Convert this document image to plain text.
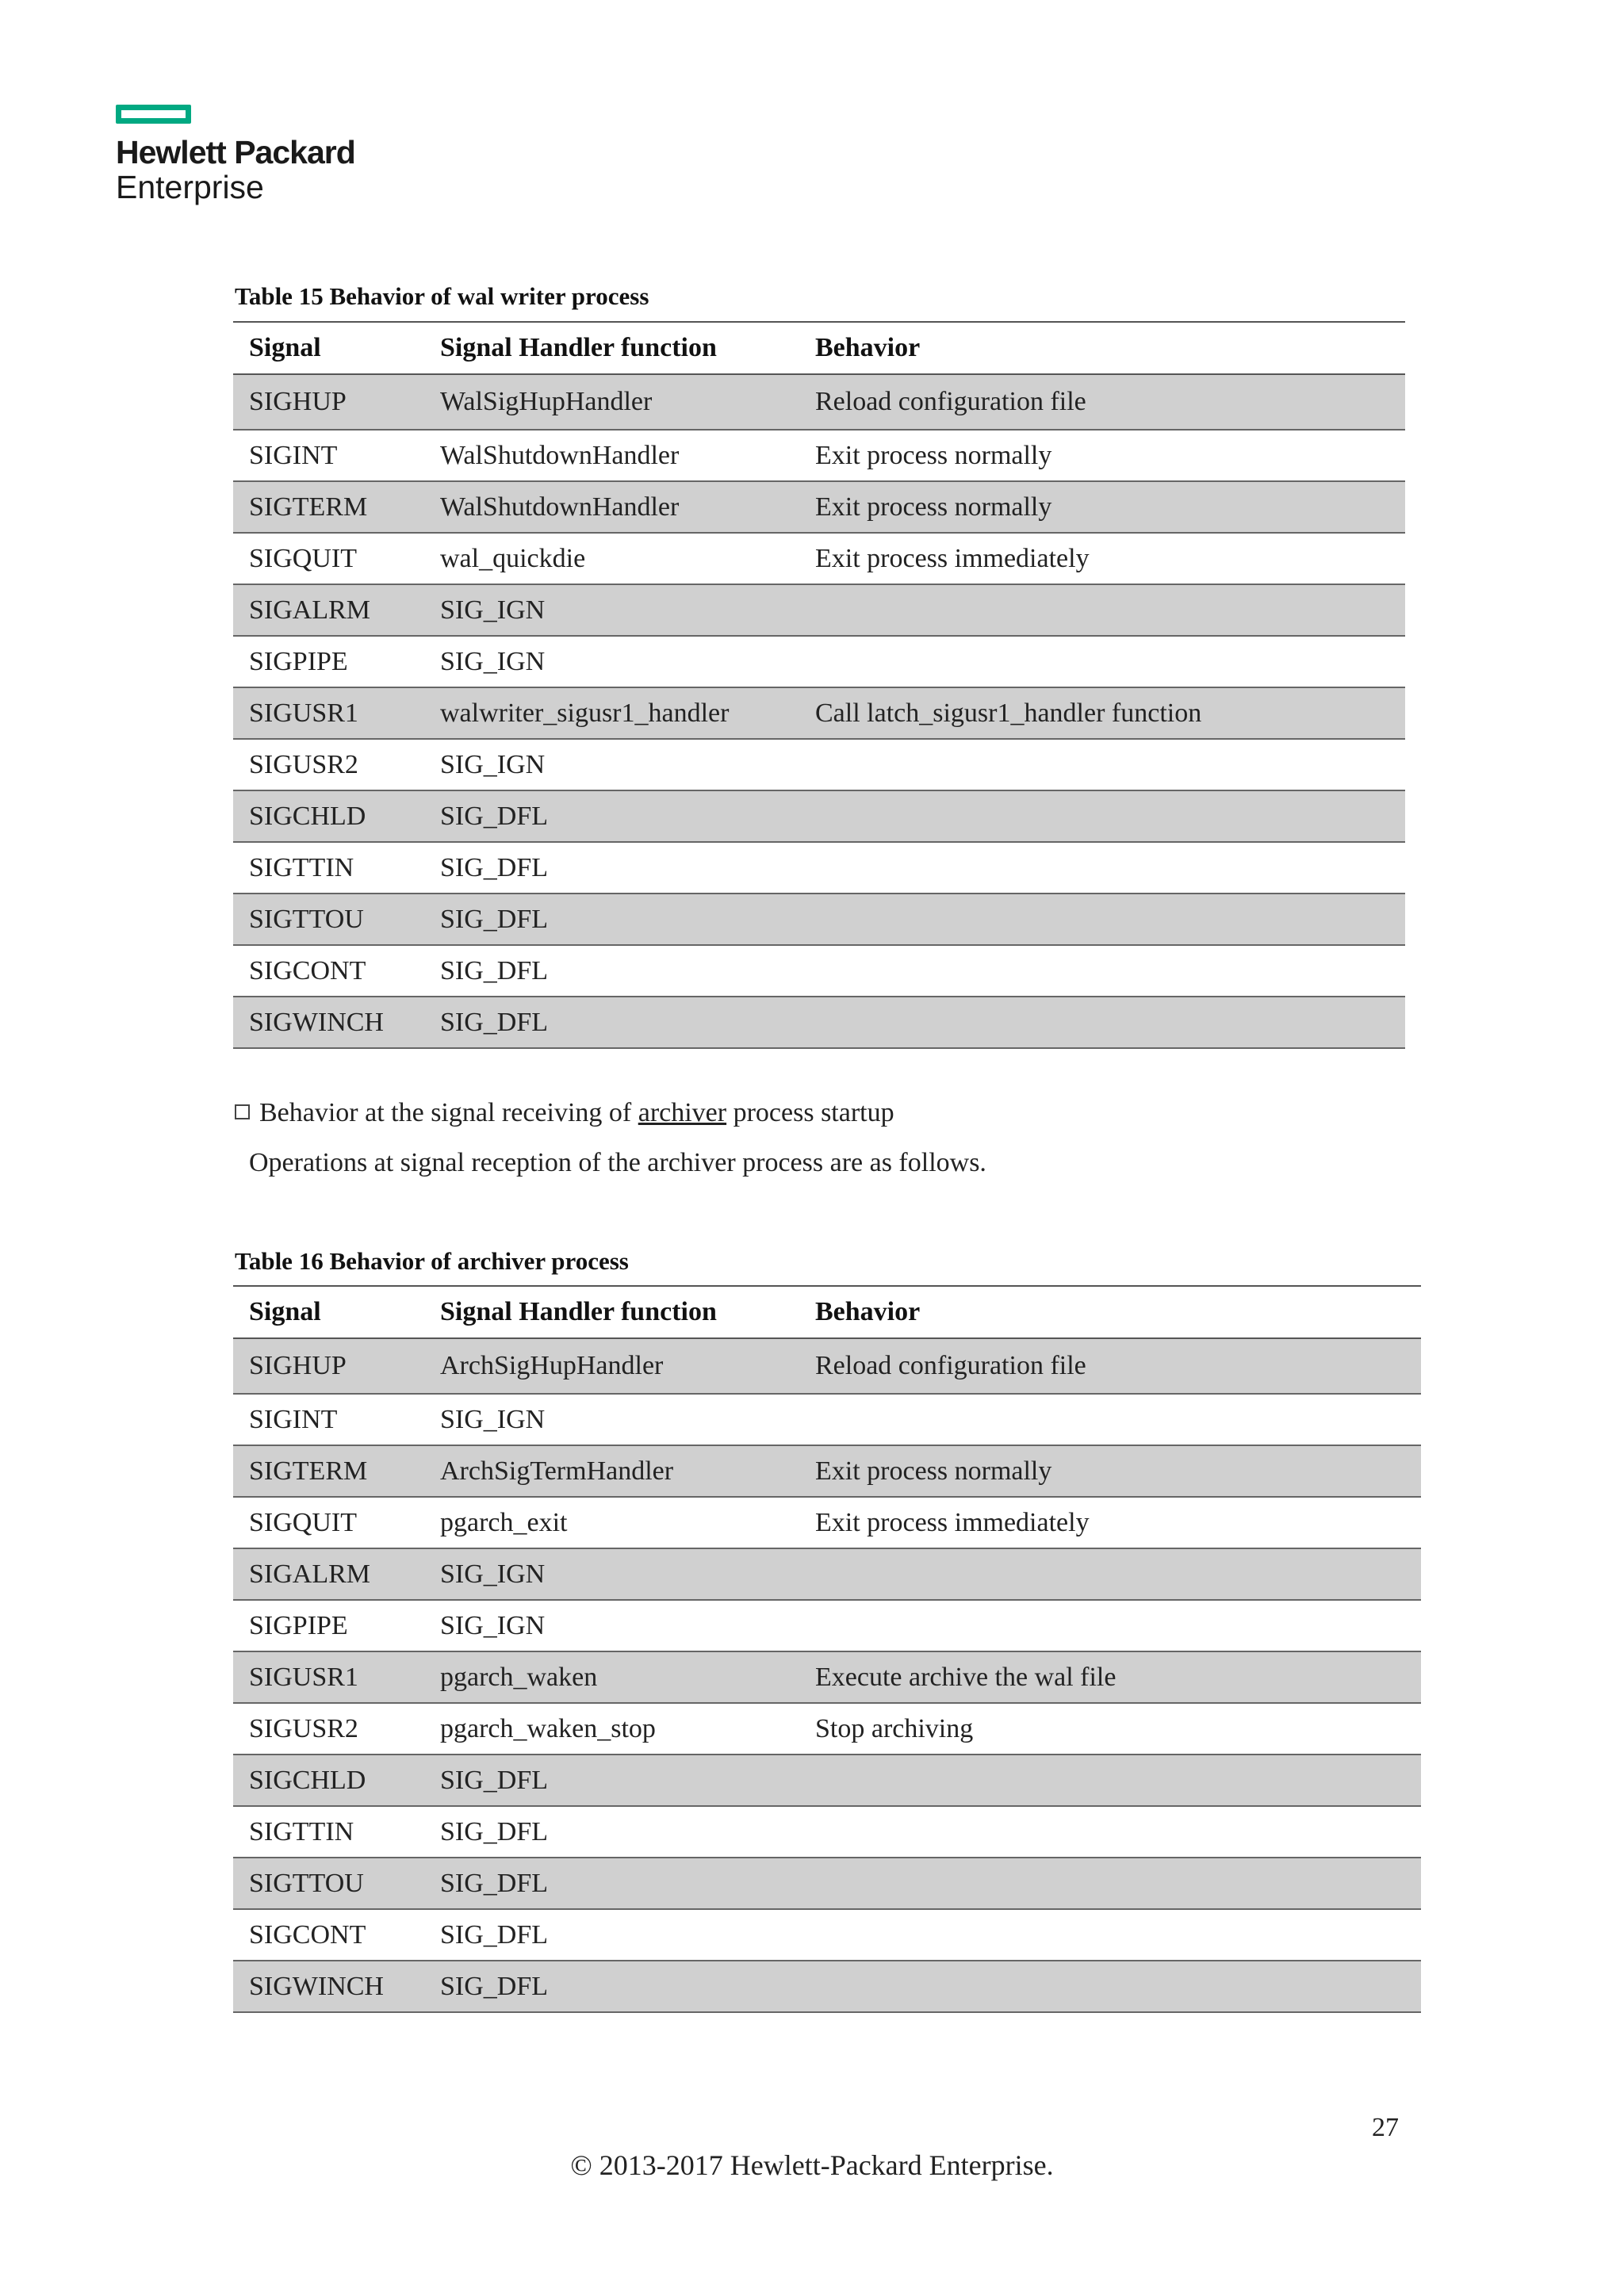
Hewlett Packard
Enterprise
Table 15 Behavior of wal writer process
Signal	Signal Handler function	Behavior
SIGHUP	WalSigHupHandler	Reload configuration file
SIGINT	WalShutdownHandler	Exit process normally
SIGTERM	WalShutdownHandler	Exit process normally
SIGQUIT	wal_quickdie	Exit process immediately
SIGALRM	SIG_IGN	
SIGPIPE	SIG_IGN	
SIGUSR1	walwriter_sigusr1_handler	Call latch_sigusr1_handler function
SIGUSR2	SIG_IGN	
SIGCHLD	SIG_DFL	
SIGTTIN	SIG_DFL	
SIGTTOU	SIG_DFL	
SIGCONT	SIG_DFL	
SIGWINCH	SIG_DFL	
Behavior at the signal receiving of archiver process startup
Operations at signal reception of the archiver process are as follows.
Table 16 Behavior of archiver process
Signal	Signal Handler function	Behavior
SIGHUP	ArchSigHupHandler	Reload configuration file
SIGINT	SIG_IGN	
SIGTERM	ArchSigTermHandler	Exit process normally
SIGQUIT	pgarch_exit	Exit process immediately
SIGALRM	SIG_IGN	
SIGPIPE	SIG_IGN	
SIGUSR1	pgarch_waken	Execute archive the wal file
SIGUSR2	pgarch_waken_stop	Stop archiving
SIGCHLD	SIG_DFL	
SIGTTIN	SIG_DFL	
SIGTTOU	SIG_DFL	
SIGCONT	SIG_DFL	
SIGWINCH	SIG_DFL	
27
© 2013-2017 Hewlett-Packard Enterprise.
